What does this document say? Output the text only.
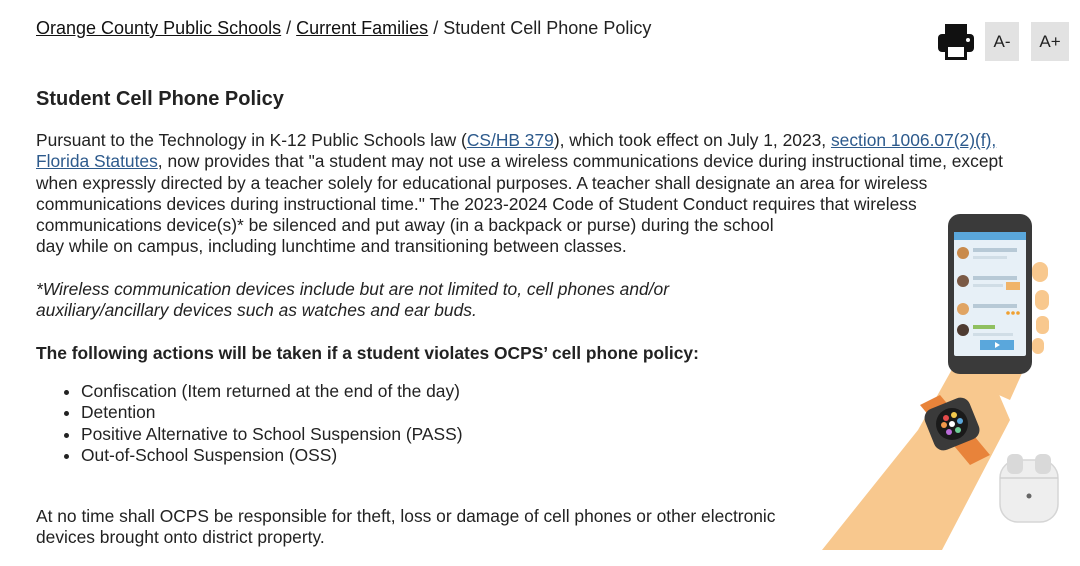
Orange County Public Schools / Current Families / Student Cell Phone Policy
A-	A+
Student Cell Phone Policy

Pursuant to the Technology in K-12 Public Schools law (CS/HB 379), which took effect on July 1, 2023, section 1006.07(2)(f), Florida Statutes, now provides that "a student may not use a wireless communications device during instructional time, except when expressly directed by a teacher solely for educational purposes. A teacher shall designate an area for wireless communications devices during instructional time." The 2023-2024 Code of Student Conduct requires that wireless
communications device(s)* be silenced and put away (in a backpack or purse) during the school day while on campus, including lunchtime and transitioning between classes.

*Wireless communication devices include but are not limited to, cell phones and/or auxiliary/ancillary devices such as watches and ear buds.

The following actions will be taken if a student violates OCPS’ cell phone policy:

• Confiscation (Item returned at the end of the day)
• Detention
• Positive Alternative to School Suspension (PASS)
• Out-of-School Suspension (OSS)

At no time shall OCPS be responsible for theft, loss or damage of cell phones or other electronic devices brought onto district property.
